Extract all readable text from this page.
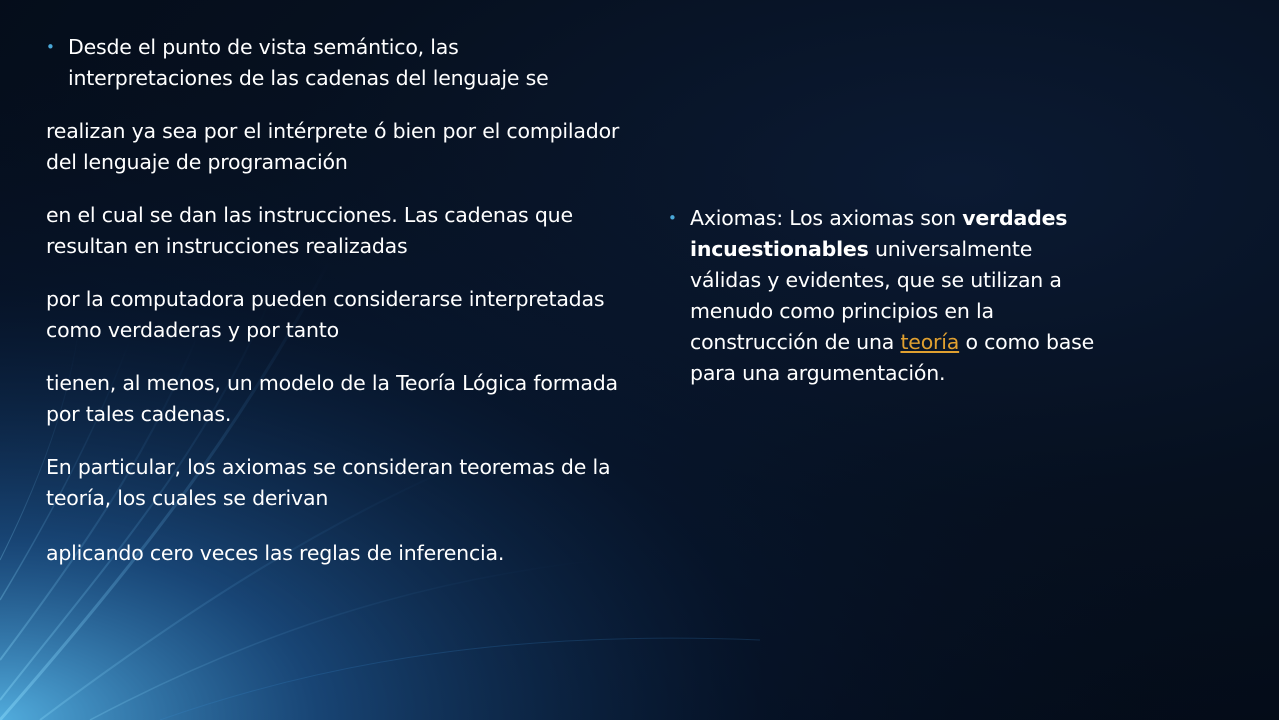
• Desde el punto de vista semántico, las interpretaciones de las cadenas del lenguaje se
realizan ya sea por el intérprete ó bien por el compilador del lenguaje de programación
en el cual se dan las instrucciones. Las cadenas que resultan en instrucciones realizadas
por la computadora pueden considerarse interpretadas como verdaderas y por tanto
tienen, al menos, un modelo de la Teoría Lógica formada por tales cadenas.
En particular, los axiomas se consideran teoremas de la teoría, los cuales se derivan
aplicando cero veces las reglas de inferencia.
• Axiomas: Los axiomas son verdades incuestionables universalmente válidas y evidentes, que se utilizan a menudo como principios en la construcción de una teoría o como base para una argumentación.
